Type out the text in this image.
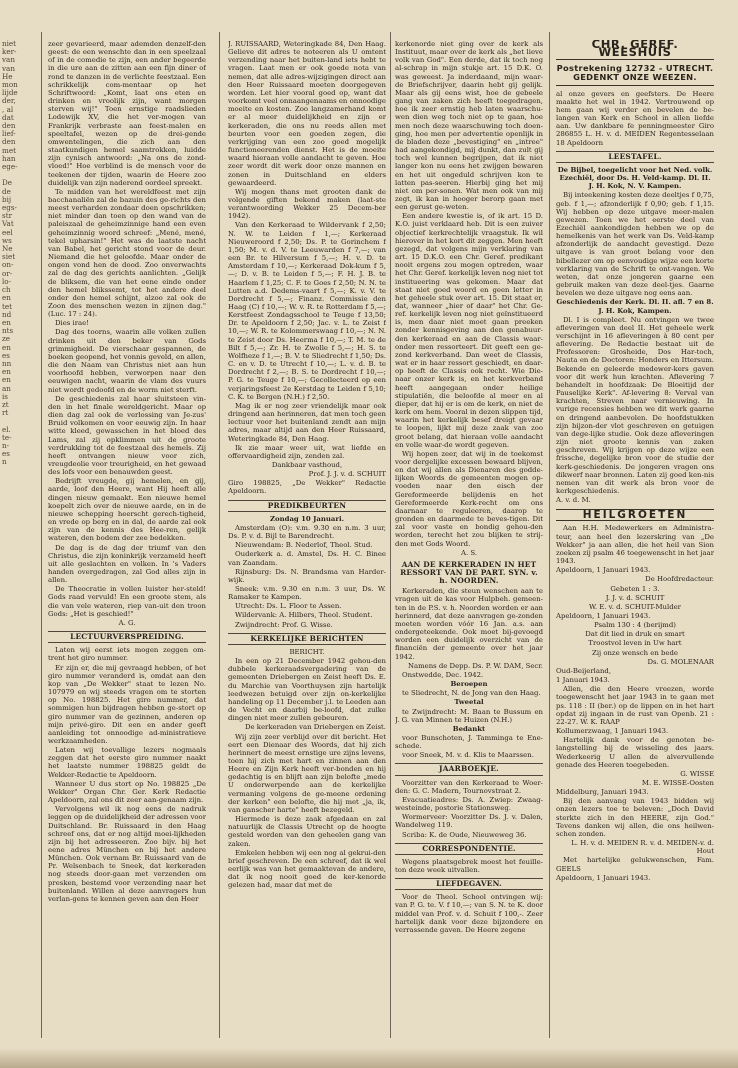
niet
ker-
van
van
He
mon
lijde
der,
, al
dat
den
lief-
den
met
han
ege-

De
de
bij
egs-
str
Vat
eel
ws
Ne
siet
on-
or-
lo-
ch
en
tet
nd
en
nts
ze
en
es
nn
en
en
an
is
zt
rt

el.
te-
n-
es
n

zeer gevarieerd, maar ademden denzelf-den geest: de een wenschte dan in een speelzaal of in de comedie te zijn, een ander begeerde in die ure aan de zitten aan een fijn diner of rond te danzen in de verlichte feestzaal. Een schrikkelijk com-mentaar op het Schriftwoord: „Komt, laat ons eten en drinken en vroolijk zijn, want morgen sterven wij!" Toen ernstige raadslieden Lodewijk XV, die het ver-mogen van Frankrijk verbraste aan feest-malen en speeltafel, wezen op de drei-gende omwentelingen, die zich aan den staatkundigen hemel saamtrokken, luidde zijn cynisch antwoord: „Na ons de zond-vloed!" Hoe verblind is de mensch voor de teekenen der tijden, waarin de Heere zoo duidelijk van zijn naderend oordeel spreekt.

Te midden van het wereldfeest met zijn bacchanaliën zal de bazuin des ge-richts den meest verharden zondaar doen opschrikken; niet minder dan toen op den wand van de paleiszaal de geheimzinnige hand een even geheimzinnig woord schreef: „Mené, mené, tekel upharsin!" Het was de laatste nacht van Babel, het gericht stond voor de deur. Niemand die het geloofde. Maar onder de ongen vond hen de dood. Zoo onverwachts zal de dag des gerichts aanlichten. „Gelijk de bliksem, die van het eene einde onder den hemel blikssemt, tot het andere deel onder den hemel schijnt, alzoo zal ook de Zoon des menschen wezen in zijnen dag." (Luc. 17 : 24).

Dies irae!

Dag des toorns, waarin alle volken zullen drinken uit den beker van Gods grimmigheid. De vierschaar gespannen, de boeken geopend, het vonnis geveld, en allen, die den Naam van Christus niet aan hun voorhoofd hebben, verworpen naar den eeuwigen nacht, waarin de vlam des vuurs niet wordt gedoofd en de worm niet sterft.

De geschiedenis zal haar sluitsteen vin-den in het finale wereldgericht. Maar op dien dag zal ook de verlossing van Je-zus' Bruid volkomen en voor eeuwig zijn. In haar witte kleed, gewasschen in het bloed des Lams, zal zij opklimmen uit de groote verdrukking tot de feestzaal des hemels. Zij heeft ontvangen nieuw voor zich, vreugdeolie voor treurigheid, en het gewaad des lofs voor een benauwden geest.

Bedrijft vreugde, gij hemelen, en gij, aarde, loof den Heere, want Hij heeft alle dingen nieuw gemaakt. Een nieuwe hemel koepelt zich over de nieuwe aarde, en in de nieuwe schepping heerscht gerech-tigheid, en vrede op berg en in dal, de aarde zal ook zijn van de kennis des Hee-ren, gelijk wateren, den bodem der zee bedekken.

De dag is de dag der triumf van den Christus, die zijn koninkrijk verzameld heeft uit alle geslachten en volken. In 's Vaders handen overgedragen, zal God alles zijn in allen.

De Theocratie in vollen luister her-steld! Gods raad vervuld! En een groote stem, als die van vele wateren, riep van-uit den troon Gods: „Het is geschied!"

A. G.

LECTUURVERSPREIDING.

Laten wij eerst iets mogen zeggen om-trent het giro nummer.

Er zijn er, die mij gevraagd hebben, of het giro nummer veranderd is, omdat aan den kop van „De Wekker" staat te lezen No. 107979 en wij steeds vragen om te storten op No. 198825. Het giro nummer, dat sommigen hun bijdragen hebben ge-stort op giro nummer van de gezinnen, anderen op mijn privé-giro. Dit een en ander geeft aanleiding tot onnoodige ad-ministratieve werkzaamheden.

Laten wij toevallige lezers nogmaals zeggen dat het eerste giro nummer naakt het laatste nummer 198825 geldt de Wekker-Redactie te Apeldoorn.

Wanneer U dus stort op No. 198825 „De Wekker" Organ Chr. Ger. Kerk Redactie Apeldoorn, zal ons dit zeer aan-genaam zijn.

Vervolgens wil ik nog eens de nadruk leggen op de duidelijkheid der adressen voor Duitschland. Br. Ruissaard in den Haag schreef ons, dat er nog altijd moei-lijkheden zijn bij het adresseeren. Zoo bijv. bij het eene adres München en bij het andere München. Ook vernam Br. Ruissaard van de Pr. Welsenbach te Sneek, dat kerkeraden nog steeds door-gaan met verzenden om presken, bestemd voor verzending naar het buitenland. Willen al deze aanvragers hun verlan-gens te kennen geven aan den Heer

J. RUISSAARD, Weteringkade 84, Den Haag. Gelieve dit adres te noteeren als U omtent verzending naar het buiten-land iets hebt te vragen. Laat men er ook goede nota van nemen, dat alle adres-wijzigingen direct aan den Heer Ruissaard moeten doorgegeven worden. Let hier vooral goed op, want dat voorkomt veel onnaangenaams en onnoodige moeite en kosten. Zoo langzamerhand komt er al meer duidelijkheid en zijn er kerkeraden, die ons nu reeds allen met beurten voor een goeden zegen, die verkrijging van een zoo goed mogelijk functioneerenden dienst. Het is de moeite waard hieraan volle aandacht te geven. Hoe zeer wordt dit werk door onze mannen en zonen in Duitschland en elders gewaardeerd.

Wij mogen thans met grooten dank de volgende giften bekend maken (laat-ste verantwoording Wekker 25 Decem-ber 1942).

Van den Kerkeraad te Wildervank f 2,50; N. W. te Leiden f 1,—; Kerkeraad Nieuweroord f 2,50; Ds. P. te Gorinchem f 1,50; M. v. d. V. te Leeuwarden f 7,—; van een Br. te Hilversum f 5,—; H. v. D. te Amsterdam f 10,—; Kerkeraad Dok-kum f 5,—; D. v. B. te Leiden f 5,—; F. H. J. B. te Haarlem f 1,25; C. F. te Goes f 2,50; N. N. te Lutten a.d. Dedems-vaart f 5,—; K. v. V. te Dordrecht f 5,—; Finanz. Commissie den Haag (C) f 10,—; W. v. R. te Rotterdam f 5,—; Kerstfeest Zondagsschool te Teuge f 13,50; Dr. te Apeldoorn f 2,50; Jac. v. L. te Zeist f 10,—; W. R. te Kolommerswaag f 10,—; N. N. te Zeist door Ds. Heerma f 10,—; T. M. te de Bilt f 5,—; Zr. H. te Zwolle f 5,—; H. S. te Wolfheze f 1,—; B. V. te Sliedrecht f 1,50; Ds. C. en v. D. te Utrecht f 10,—; L. v. d. B. te Dordrecht f 2,—; B. S. te Dordrecht f 10,—; P. G. te Teuge f 10,—; Gecollecteerd op een verjaringsfeest 2e Kerstdag te Leiden f 5,10; C. K. te Bergen (N.H.) f 2,50.

Mag ik er nog zeer vriendelijk maar ook dringend aan herinneren, dat men toch geen lectuur voor het buitenland zendt aan mijn adres, maar altijd aan den Heer Ruissaard, Weteringkade 84, Den Haag.

Ik zie maar weer uit, wat liefde en offervaardigheid zijn, zenden zal.

Dankbaar vasthoud,

Prof. J. J. v. d. SCHUIT

Giro 198825, „De Wekker" Redactie Apeldoorn.

PREDIKBEURTEN

Zondag 10 Januari.

Amsterdam (O): v.m. 9.30 en n.m. 3 uur, Ds. P. v. d. Bijl te Barendrecht.

Nieuwendam: B. Nederlof, Theol. Stud.

Ouderkerk a. d. Amstel, Ds. H. C. Binee van Zaandam.

Rijnsburg: Ds. N. Brandsma van Harder-wijk.

Sneek: v.m. 9.30 en n.m. 3 uur, Ds. W. Ramaker te Kampen.

Utrecht: Ds. L. Floor te Assen.

Wildervank: A. Hilbers, Theol. Student.

Zwijndrecht: Prof. G. Wisse.

KERKELIJKE BERICHTEN

BERICHT.

In een op 21 December 1942 gehou-den dubbele kerkeraadsvergadering van de gemeenten Driebergen en Zeist heeft Ds. E. du Marchie van Voorthuysen zijn hartelijk leedwezen betuigd over zijn on-kerkelijke handeling op 11 December j.l. te Leeden aan de Vecht en daarbij be-loofd, dat zulke dingen niet meer zullen gebeuren.

De kerkeraden van Driebergen en Zeist.

Wij zijn zeer verblijd over dit bericht. Het eert een Dienaar des Woords, dat hij zich herinnert de meest ernstige ure zijns levens, toen hij zich met hart en zinnen aan den Heere en Zijn Kerk heeft ver-bonden en hij gedachtig is en blijft aan zijn belofte „mede U onderwerpende aan de kerkelijke vermaning volgens de ge-meene ordening der kerken" een belofte, die hij met „ja, ik, van ganscher harte" heeft bezegeld.

Hiermede is deze zaak afgedaan en zal natuurlijk de Classis Utrecht op de hoogte gesteld worden van den geheelen gang van zaken.

Emkelen hebben wij een nog al gekrui-den brief geschreven. De een schreef, dat ik wel eerlijk was van het gemaaktevan de andere, dat ik nog nooit goed de ker-kenorde gelezen had, maar dat met de

kerkenorde niet ging over de kerk als Instituut, maar over de kerk als „het lieve volk van God". Een derde, dat ik toch nog al-schrap in mijn stukje art. 15 D.K. O. was geweest. Ja inderdaand, mijn waar-de Briefschrijver, daarin hebt gij gelijk. Maar als gij eens wist, hoe de gebeele gang van zaken zich heeft toegedragen, hoe ik zeer ernstig heb laten waarschu-wen dien weg toch niet op te gaan, hoe men noch deze waarschuwing toch doen-ging, hoe men per advertentie openlijk in de bladen deze „bevestiging" en „intree" had aangekondigd, mij dunkt, dan zult gij toch wel kunnen begrijpen, dat ik niet langer kon nu eens het zwijgen bewaren en het uit ongeduld schrijven kon te latten pas-seeren. Hierbij ging het mij niet om per-sonen. Wat men ook van mij zegt, ik kan in hooger berorp gaan met een gerust ge-weten.

Een andere kwestie is, of ik art. 15 D. K.O. juist verklaard heb. Dit is een zuiver objectief kerkrechtelijk vraagstuk. Ik wil hierover in het kort dit zeggen. Men heeft gezegd, dat volgens mijn verklaring van art. 15 D.K.O. een Chr. Geref. predikant nooit ergens zou mogen optreden, waar het Chr. Geref. kerkelijk leven nog niet tot institueering was gekomen. Maar dat staat niet goed woord en geen letter in het geheele stuk over art. 15. Dit staat er, dat, wanneer „hier of daar" het Chr. Ge-ref. kerkelijk leven nog niet geïnstitueerd is, men daar niet moet gaan preeken zonder kennisgeving aan den genabuur-den kerkeraad en aan de Classis waar-onder men ressorteert. Dit geeft een ge-zond kerkverband. Dan weet de Classis, wat er in haar ressort geschiedt, en daar-op heeft de Classis ook recht. Wie Die-naar onzer kerk is, en het kerkverband heeft aangegaan onder heilige stipulatiën, die beloofde al meer en al dieper, dat hij er is om de kerk, en niet de kerk om hem. Vooral in dezen slippen tijd, waarin het kerkelijk besef dreigt gevaar te loopen, lijkt mij deze zaak van zoo groot belang, dat hieraan volle aandacht en volle waar-de wordt gegeven.

Wij hopen zeer, dat wij in de toekomst voor dergelijke excessen bewaard blijven, en dat wij allen als Dienaren des godde-lijken Woords de gemeenten mogen op-voeden naar den eisch der Gereformeerde belijdenis en het Gereformeerde Kerk-recht om ons daarnaar te reguleeren, daarop te gronden en daarmede te beves-tigen. Dit zal voor vaste en bondig gehou-den worden, terecht het zou blijken te strij-den met Gods Woord.

A. S.

AAN DE KERKERADEN IN HET RESSORT VAN DE PART. SYN. v. h. NOORDEN.

Kerkeraden, die steun wenschen aan te vragen uit de kas voor Hulpbeh. gemeen-ten in de P.S. v. h. Noorden worden er aan herinnerd, dat deze aanvragen ge-zonden moeten worden vóór 16 Jan. a.s. aan ondergeteekende. Ook moet bij-gevoegd worden een duidelijk overzicht van de financiën der gemeente over het jaar 1942.

Namens de Depp. Ds. P. W. DAM, Secr.

Onstwedde, Dec. 1942.

Beroepen

te Sliedrecht, N. de Jong van den Haag.

Tweetal

te Zwijndrecht: M. Baan te Bussum en J. G. van Minnen te Huizen (N.H.)

Bedankt

voor Bunschoten, J. Tamminga te Ene-schede.

voor Sneek, M. v. d. Klis te Maarssen.

JAARBOEKJE.

Voorzitter van den Kerkeraad te Woer-den: G. C. Madern, Tournovstraat 2.

Evacuatieadres: Ds. A. Zwiep: Zwaag-westeinde, postorie Stationsweg.

Wormerveer: Voorzitter Ds. J. v. Dalen, Wandelweg 119.

Scriba: K. de Oude, Nieuweweg 36.

CORRESPONDENTIE.

Wegens plaatsgebrek moest het feuille-ton deze week uitvallen.

LIEFDEGAVEN.

Voor de Theol. School ontvingen wij: van P. G. te. V. f 10,—; van S. N. te K. door middel van Prof. v. d. Schuit f 100,-. Zeer hartelijk dank voor deze bijzondere en verrassende gaven. De Heere zegene

CHR. GEREF. WEESHUIS
Postrekening 12732 - UTRECHT.
GEDENKT ONZE WEEZEN.

al onze gevers en geefsters. De Heere maakte het wel in 1942. Vertrouwend op hem gaan wij verder en bevelen de be-langen van Kerk en School in allen liefde aan. Uw dankbare fe penningmeester Giro 286855 L. H. v. d. MEIDEN Regentesselaan 18 Apeldoorn

LEESTAFEL.

De Bijbel, toegelicht voor het Ned. volk. Ezechiël, door Ds. H. Veld-kamp. Dl. II. J. H. Kok, N. V. Kampen.

Bij inteekening kosten deze deeltjes f 0,75, geb. f 1,—; afzonderlijk f 0,90; geb. f 1,15. Wij hebben op deze uitgave meer-malen gewezen. Toen we het eerste deel van Ezechiël aankondigden hebben we op de hemelkenis van het werk van Ds. Veld-kamp afzonderlijk de aandacht gevestigd. Deze uitgave is van groot belang voor den bibellezer om op eenvoudige wijze een korte verklaring van de Schrift te ont-vangen. We weten, dat onze jongeren gaarne een gebruik maken van deze deel-tjes. Gaarne bevelen we deze uitgave nog eens aan.

Geschiedenis der Kerk. Dl. II. afl. 7 en 8. J. H. Kok, Kampen.

Dl. I is compleet. Nu ontvingen we twee afleveringen van deel II. Het geheele werk verschijnt in 16 afleveringen à 80 cent per aflevering. De Redactie bestaat uit de Professoren: Grosheide, Dos Har-toch, Nauta en de Doctoren: Honders en Ittersum. Bekende en geleerde medewer-kers gaven voor dit werk hun krachten. Aflevering 7 behandelt in hoofdzaak: De Bloeitijd der Pauselijke Kerk". Af-levering 8: Verval van krachten, Streven naar vernieuwing. In vurige recensies hebben we dit werk gaarne en dringend aanbevolen. De hoofdstukken zijn bijzon-der vlot geschreven en getuigen van dege-lijke studie. Ook deze afleveringen zijn niet groote kennis van zaken geschreven. Wij krijgen op deze wijze een frissche, degelijke bron voor de studie der kerk-geschiedenis. De jongeren vragen ons dikwerf naar bronnen. Laten zij goed ken-nis nemen van dit werk als bron voor de kerkgeschiedenis.

A. v. d. M.

HEILGROETEN

Aan H.H. Medewerkers en Administra-teur, aan heel den lezerskring van „De Wekker" ja aan allen, die het heil van Sion zoeken zij psalm 46 toegewenscht in het jaar 1943.

Apeldoorn, 1 Januari 1943.

De Hoofdredacteur.

Gebeten 1 : 3.

J. J. v. d. SCHUIT

W. E. v. d. SCHUIT-Mulder

Apeldoorn, 1 Januari 1943.

Psalm 130 : 4 (berijmd)

Dat dit lied in druk en smart

Troostvol leven in Uw hart

Zij onze wensch en bede

Ds. G. MOLENAAR

Oud-Beijerland,

1 Januari 1943.

Allen, die den Heere vreezen, worde toegewenscht het jaar 1943 in te gaan met ps. 118 : II (ber.) op de lippen en in het hart opdat zij ingaan in de rust van Openb. 21 : 22-27. W. K. RAAP

Kollumerzwaag, 1 Januari 1943.

Hartelijk dank voor de genoten be-langstelling bij de wisseling des jaars. Wederkeerig U allen de alvervullende genade des Heeren toegebeden.

G. WISSE

M. E. WISSE-Oosten

Middelburg, Januari 1943.

Bij den aanvang van 1943 bidden wij onzen lezers toe te beleven: „Doch David sterkte zich in den HEERE, zijn God." Tevens danken wij allen, die ons heilwen-schen zonden.

L. H. v. d. MEIDEN R. v. d. MEIDEN-v. d. Hout

Met hartelijke gelukwenschen, Fam. GEELS

Apeldoorn, 1 Januari 1943.
